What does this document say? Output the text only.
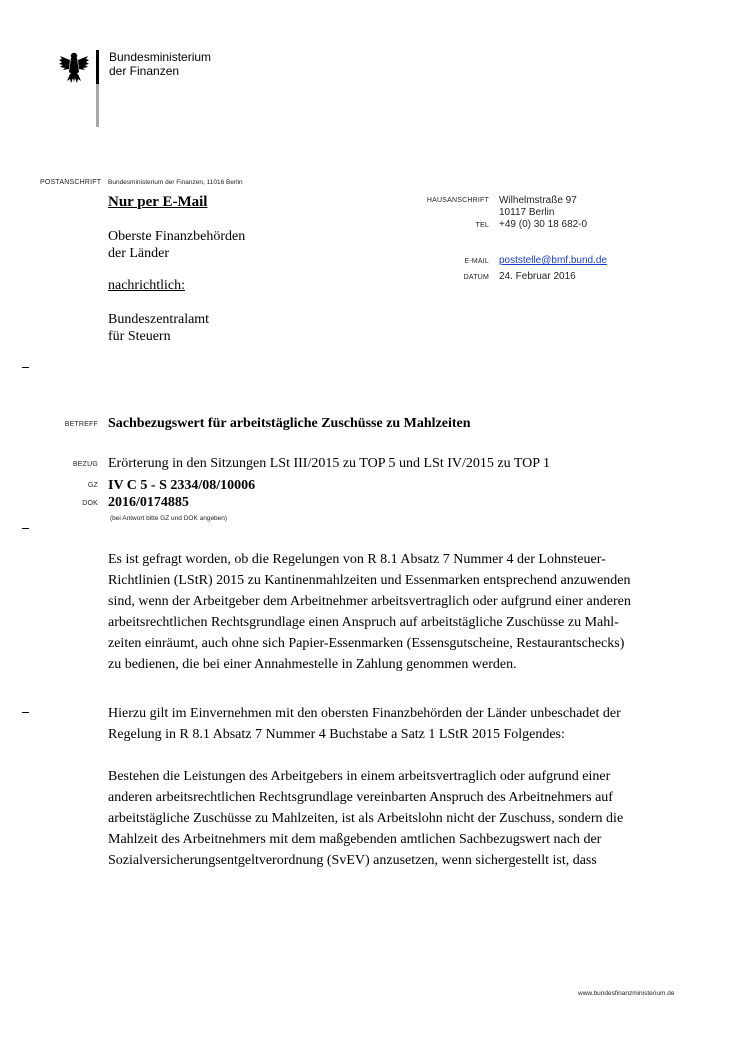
Bundesministerium
der Finanzen
POSTANSCHRIFT Bundesministerium der Finanzen, 11016 Berlin
Nur per E-Mail
Oberste Finanzbehörden
der Länder
nachrichtlich:
Bundeszentralamt
für Steuern
HAUSANSCHRIFT Wilhelmstraße 97
10117 Berlin
TEL +49 (0) 30 18 682-0
E-MAIL poststelle@bmf.bund.de
DATUM 24. Februar 2016
BETREFF Sachbezugswert für arbeitstägliche Zuschüsse zu Mahlzeiten
BEZUG Erörterung in den Sitzungen LSt III/2015 zu TOP 5 und LSt IV/2015 zu TOP 1
GZ IV C 5 - S 2334/08/10006
DOK 2016/0174885
(bei Antwort bitte GZ und DOK angeben)
Es ist gefragt worden, ob die Regelungen von R 8.1 Absatz 7 Nummer 4 der Lohnsteuer-
Richtlinien (LStR) 2015 zu Kantinenmahlzeiten und Essenmarken entsprechend anzuwenden
sind, wenn der Arbeitgeber dem Arbeitnehmer arbeitsvertraglich oder aufgrund einer anderen
arbeitsrechtlichen Rechtsgrundlage einen Anspruch auf arbeitstägliche Zuschüsse zu Mahl-
zeiten einräumt, auch ohne sich Papier-Essenmarken (Essensgutscheine, Restaurantschecks)
zu bedienen, die bei einer Annahmestelle in Zahlung genommen werden.
Hierzu gilt im Einvernehmen mit den obersten Finanzbehörden der Länder unbeschadet der
Regelung in R 8.1 Absatz 7 Nummer 4 Buchstabe a Satz 1 LStR 2015 Folgendes:
Bestehen die Leistungen des Arbeitgebers in einem arbeitsvertraglich oder aufgrund einer
anderen arbeitsrechtlichen Rechtsgrundlage vereinbarten Anspruch des Arbeitnehmers auf
arbeitstägliche Zuschüsse zu Mahlzeiten, ist als Arbeitslohn nicht der Zuschuss, sondern die
Mahlzeit des Arbeitnehmers mit dem maßgebenden amtlichen Sachbezugswert nach der
Sozialversicherungsentgeltverordnung (SvEV) anzusetzen, wenn sichergestellt ist, dass
www.bundesfinanzministerium.de
